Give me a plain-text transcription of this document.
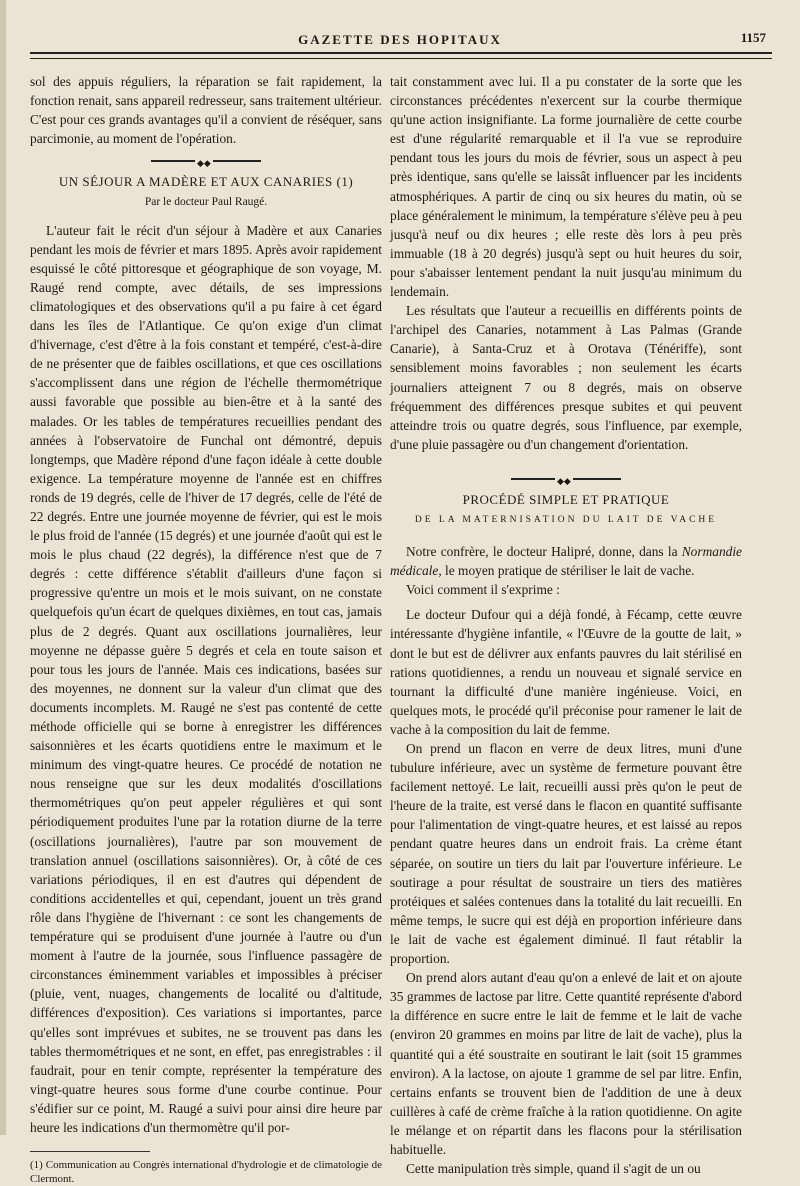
GAZETTE DES HOPITAUX	1157

sol des appuis réguliers, la réparation se fait rapidement, la fonction renait, sans appareil redresseur, sans traitement ultérieur. C'est pour ces grands avantages qu'il a convient de réséquer, sans parcimonie, au moment de l'opération.

◆◆
UN SÉJOUR A MADÈRE ET AUX CANARIES (1)
Par le docteur Paul Raugé.

L'auteur fait le récit d'un séjour à Madère et aux Canaries pendant les mois de février et mars 1895. Après avoir rapidement esquissé le côté pittoresque et géographique de son voyage, M. Raugé rend compte, avec détails, de ses impressions climatologiques et des observations qu'il a pu faire à cet égard dans les îles de l'Atlantique. Ce qu'on exige d'un climat d'hivernage, c'est d'être à la fois constant et tempéré, c'est-à-dire de ne présenter que de faibles oscillations, et que ces oscillations s'accomplissent dans une région de l'échelle thermométrique aussi favorable que possible au bien-être et à la santé des malades. Or les tables de températures recueillies pendant des années à l'observatoire de Funchal ont démontré, depuis longtemps, que Madère répond d'une façon idéale à cette double exigence. La température moyenne de l'année est en chiffres ronds de 19 degrés, celle de l'hiver de 17 degrés, celle de l'été de 22 degrés. Entre une journée moyenne de février, qui est le mois le plus froid de l'année (15 degrés) et une journée d'août qui est le mois le plus chaud (22 degrés), la différence n'est que de 7 degrés : cette différence s'établit d'ailleurs d'une façon si progressive qu'entre un mois et le mois suivant, on ne constate quelquefois qu'un écart de quelques dixièmes, en tout cas, jamais plus de 2 degrés. Quant aux oscillations journalières, leur moyenne ne dépasse guère 5 degrés et cela en toute saison et pour tous les jours de l'année. Mais ces indications, basées sur des moyennes, ne donnent sur la valeur d'un climat que des documents incomplets. M. Raugé ne s'est pas contenté de cette méthode officielle qui se borne à enregistrer les différences saisonnières et les écarts quotidiens entre le maximum et le minimum des vingt-quatre heures. Ce procédé de notation ne nous renseigne que sur les deux modalités d'oscillations thermométriques qu'on peut appeler régulières et qui sont périodiquement produites l'une par la rotation diurne de la terre (oscillations journalières), l'autre par son mouvement de translation annuel (oscillations saisonnières). Or, à côté de ces variations périodiques, il en est d'autres qui dépendent de conditions accidentelles et qui, cependant, jouent un très grand rôle dans l'hygiène de l'hivernant : ce sont les changements de température qui se produisent d'une journée à l'autre ou d'un moment à l'autre de la journée, sous l'influence passagère de circonstances éminemment variables et impossibles à préciser (pluie, vent, nuages, changements de localité ou d'altitude, différences d'exposition). Ces variations si importantes, parce qu'elles sont imprévues et subites, ne se trouvent pas dans les tables thermométriques et ne sont, en effet, pas enregistrables : il faudrait, pour en tenir compte, représenter la température des vingt-quatre heures sous forme d'une courbe continue. Pour s'édifier sur ce point, M. Raugé a suivi pour ainsi dire heure par heure les indications d'un thermomètre qu'il por-

(1) Communication au Congrès international d'hydrologie et de climatologie de Clermont.

tait constamment avec lui. Il a pu constater de la sorte que les circonstances précédentes n'exercent sur la courbe thermique qu'une action insignifiante. La forme journalière de cette courbe est d'une régularité remarquable et il l'a vue se reproduire pendant tous les jours du mois de février, sous un aspect à peu près identique, sans qu'elle se laissât influencer par les incidents atmosphériques. A partir de cinq ou six heures du matin, où se place généralement le minimum, la température s'élève peu à peu jusqu'à neuf ou dix heures ; elle reste dès lors à peu près immuable (18 à 20 degrés) jusqu'à sept ou huit heures du soir, pour s'abaisser lentement pendant la nuit jusqu'au minimum du lendemain.

Les résultats que l'auteur a recueillis en différents points de l'archipel des Canaries, notamment à Las Palmas (Grande Canarie), à Santa-Cruz et à Orotava (Ténériffe), sont sensiblement moins favorables ; non seulement les écarts journaliers atteignent 7 ou 8 degrés, mais on observe fréquemment des différences presque subites et qui peuvent atteindre trois ou quatre degrés, sous l'influence, par exemple, d'une pluie passagère ou d'un changement d'orientation.

◆◆
PROCÉDÉ SIMPLE ET PRATIQUE
DE LA MATERNISATION DU LAIT DE VACHE

Notre confrère, le docteur Halipré, donne, dans la Normandie médicale, le moyen pratique de stériliser le lait de vache.

Voici comment il s'exprime :

Le docteur Dufour qui a déjà fondé, à Fécamp, cette œuvre intéressante d'hygiène infantile, « l'Œuvre de la goutte de lait, » dont le but est de délivrer aux enfants pauvres du lait stérilisé en rations quotidiennes, a rendu un nouveau et signalé service en tournant la difficulté d'une manière ingénieuse. Voici, en quelques mots, le procédé qu'il préconise pour ramener le lait de vache à la composition du lait de femme.

On prend un flacon en verre de deux litres, muni d'une tubulure inférieure, avec un système de fermeture pouvant être facilement nettoyé. Le lait, recueilli aussi près qu'on le peut de l'heure de la traite, est versé dans le flacon en quantité suffisante pour l'alimentation de vingt-quatre heures, et est laissé au repos pendant quatre heures dans un endroit frais. La crème étant séparée, on soutire un tiers du lait par l'ouverture inférieure. Le soutirage a pour résultat de soustraire un tiers des matières protéiques et salées contenues dans la totalité du lait recueilli. En même temps, le sucre qui est déjà en proportion inférieure dans le lait de vache est également diminué. Il faut rétablir la proportion.

On prend alors autant d'eau qu'on a enlevé de lait et on ajoute 35 grammes de lactose par litre. Cette quantité représente d'abord la différence en sucre entre le lait de femme et le lait de vache (environ 20 grammes en moins par litre de lait de vache), plus la quantité qui a été soustraite en soutirant le lait (soit 15 grammes environ). A la lactose, on ajoute 1 gramme de sel par litre. Enfin, certains enfants se trouvent bien de l'addition de une à deux cuillères à café de crème fraîche à la ration quotidienne. On agite le mélange et on répartit dans les flacons pour la stérilisation habituelle.

Cette manipulation très simple, quand il s'agit de un ou
